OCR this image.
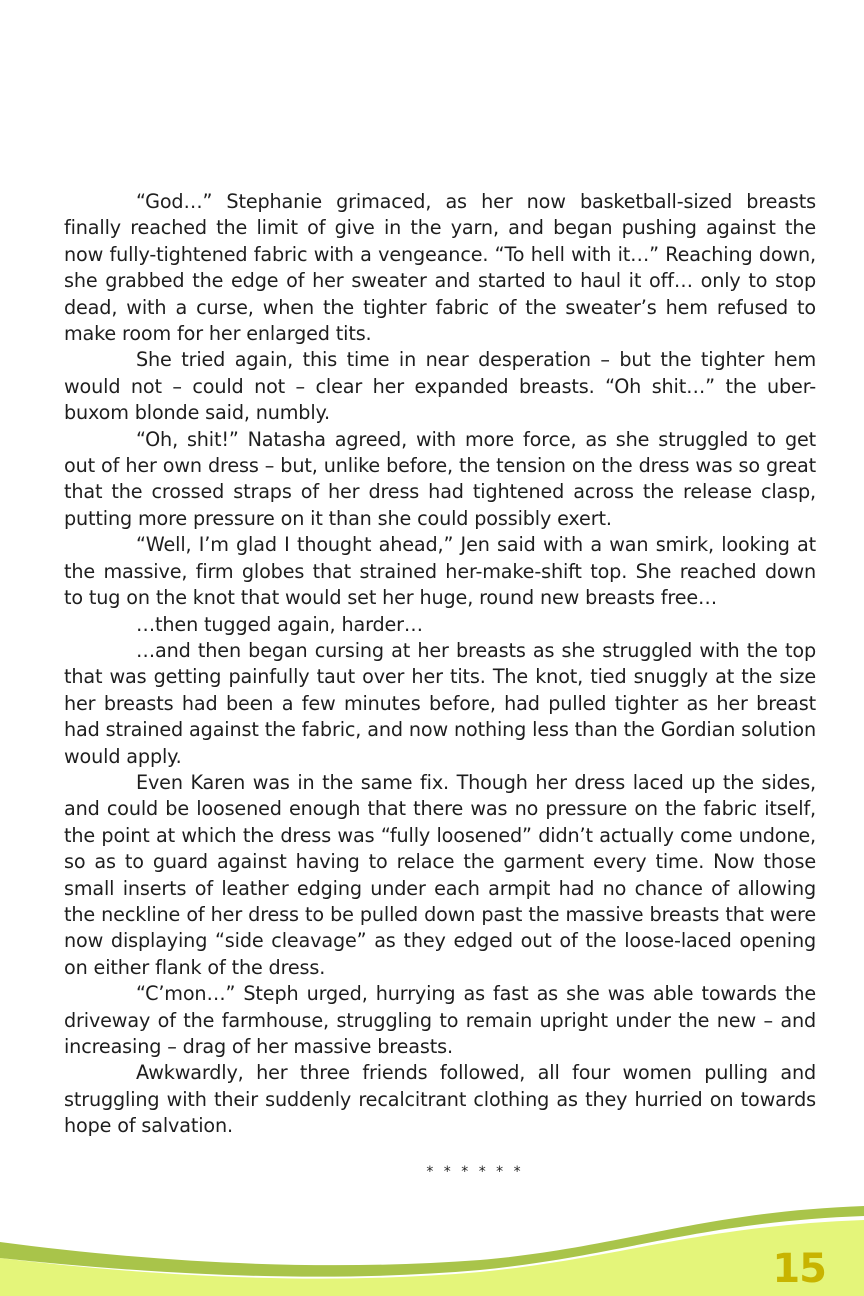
“God…” Stephanie grimaced, as her now basketball-sized breasts finally reached the limit of give in the yarn, and began pushing against the now fully-tightened fabric with a vengeance. “To hell with it…” Reaching down, she grabbed the edge of her sweater and started to haul it off… only to stop dead, with a curse, when the tighter fabric of the sweater’s hem refused to make room for her enlarged tits.

She tried again, this time in near desperation – but the tighter hem would not – could not – clear her expanded breasts. “Oh shit…” the uber-buxom blonde said, numbly.

“Oh, shit!” Natasha agreed, with more force, as she struggled to get out of her own dress – but, unlike before, the tension on the dress was so great that the crossed straps of her dress had tightened across the release clasp, putting more pressure on it than she could possibly exert.

“Well, I’m glad I thought ahead,” Jen said with a wan smirk, looking at the massive, firm globes that strained her-make-shift top. She reached down to tug on the knot that would set her huge, round new breasts free…

…then tugged again, harder…

…and then began cursing at her breasts as she struggled with the top that was getting painfully taut over her tits. The knot, tied snuggly at the size her breasts had been a few minutes before, had pulled tighter as her breast had strained against the fabric, and now nothing less than the Gordian solution would apply.

Even Karen was in the same fix. Though her dress laced up the sides, and could be loosened enough that there was no pressure on the fabric itself, the point at which the dress was “fully loosened” didn’t actually come undone, so as to guard against having to relace the garment every time. Now those small inserts of leather edging under each armpit had no chance of allowing the neckline of her dress to be pulled down past the massive breasts that were now displaying “side cleavage” as they edged out of the loose-laced opening on either flank of the dress.

“C’mon…” Steph urged, hurrying as fast as she was able towards the driveway of the farmhouse, struggling to remain upright under the new – and increasing – drag of her massive breasts.

Awkwardly, her three friends followed, all four women pulling and struggling with their suddenly recalcitrant clothing as they hurried on towards hope of salvation.

* * * * * *
15
